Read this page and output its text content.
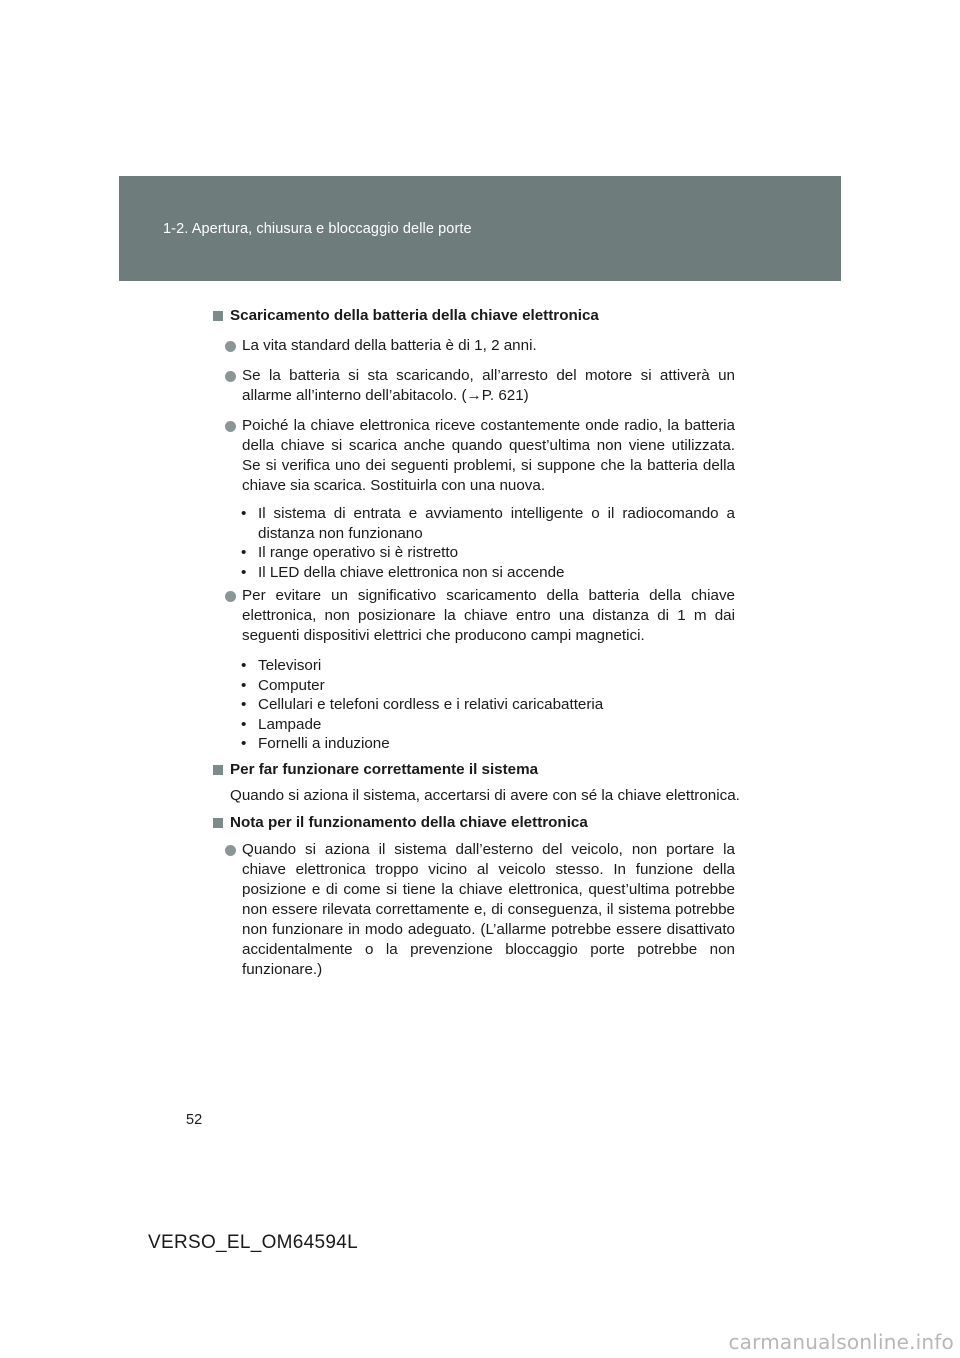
1-2. Apertura, chiusura e bloccaggio delle porte
Scaricamento della batteria della chiave elettronica
La vita standard della batteria è di 1, 2 anni.
Se la batteria si sta scaricando, all’arresto del motore si attiverà un allarme all’interno dell’abitacolo. (→P. 621)
Poiché la chiave elettronica riceve costantemente onde radio, la batteria della chiave si scarica anche quando quest’ultima non viene utilizzata. Se si verifica uno dei seguenti problemi, si suppone che la batteria della chiave sia scarica. Sostituirla con una nuova.
• Il sistema di entrata e avviamento intelligente o il radiocomando a distanza non funzionano
• Il range operativo si è ristretto
• Il LED della chiave elettronica non si accende
Per evitare un significativo scaricamento della batteria della chiave elettronica, non posizionare la chiave entro una distanza di 1 m dai seguenti dispositivi elettrici che producono campi magnetici.
• Televisori
• Computer
• Cellulari e telefoni cordless e i relativi caricabatteria
• Lampade
• Fornelli a induzione
Per far funzionare correttamente il sistema
Quando si aziona il sistema, accertarsi di avere con sé la chiave elettronica.
Nota per il funzionamento della chiave elettronica
Quando si aziona il sistema dall’esterno del veicolo, non portare la chiave elettronica troppo vicino al veicolo stesso. In funzione della posizione e di come si tiene la chiave elettronica, quest’ultima potrebbe non essere rilevata correttamente e, di conseguenza, il sistema potrebbe non funzionare in modo adeguato. (L’allarme potrebbe essere disattivato accidentalmente o la prevenzione bloccaggio porte potrebbe non funzionare.)
52
VERSO_EL_OM64594L
carmanualsonline.info
